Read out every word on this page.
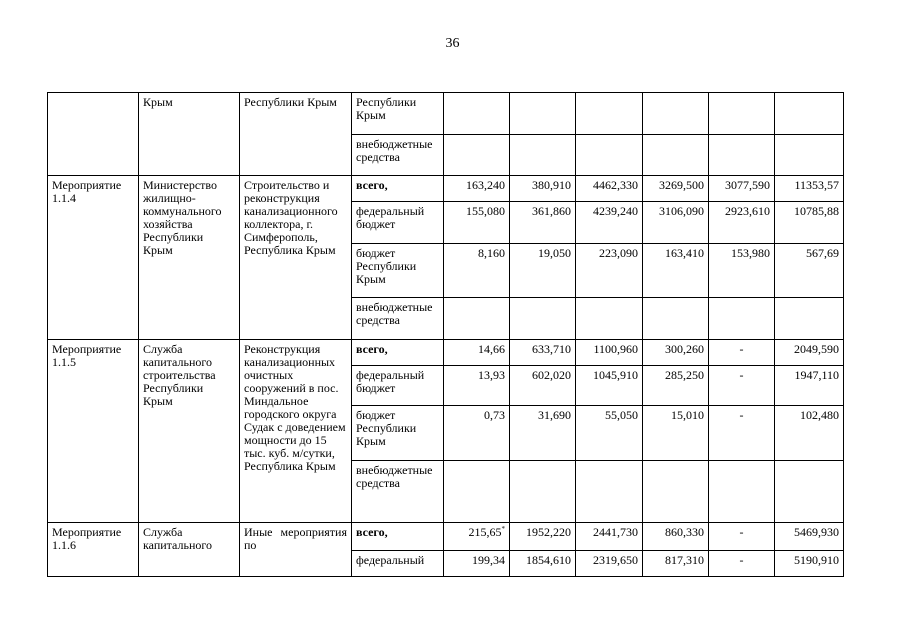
36
	Крым	Республики Крым	Республики Крым						
			внебюджетные средства						
Мероприятие 1.1.4	Министерство жилищно-коммунального хозяйства Республики Крым	Строительство и реконструкция канализационного коллектора, г. Симферополь, Республика Крым	всего,	163,240	380,910	4462,330	3269,500	3077,590	11353,57
			федеральный бюджет	155,080	361,860	4239,240	3106,090	2923,610	10785,88
			бюджет Республики Крым	8,160	19,050	223,090	163,410	153,980	567,69
			внебюджетные средства						
Мероприятие 1.1.5	Служба капитального строительства Республики Крым	Реконструкция канализационных очистных сооружений в пос. Миндальное городского округа Судак с доведением мощности до 15 тыс. куб. м/сутки, Республика Крым	всего,	14,66	633,710	1100,960	300,260	-	2049,590
			федеральный бюджет	13,93	602,020	1045,910	285,250	-	1947,110
			бюджет Республики Крым	0,73	31,690	55,050	15,010	-	102,480
			внебюджетные средства						
Мероприятие 1.1.6	Служба капитального	Иные мероприятия по	всего,	215,65*	1952,220	2441,730	860,330	-	5469,930
			федеральный	199,34	1854,610	2319,650	817,310	-	5190,910
